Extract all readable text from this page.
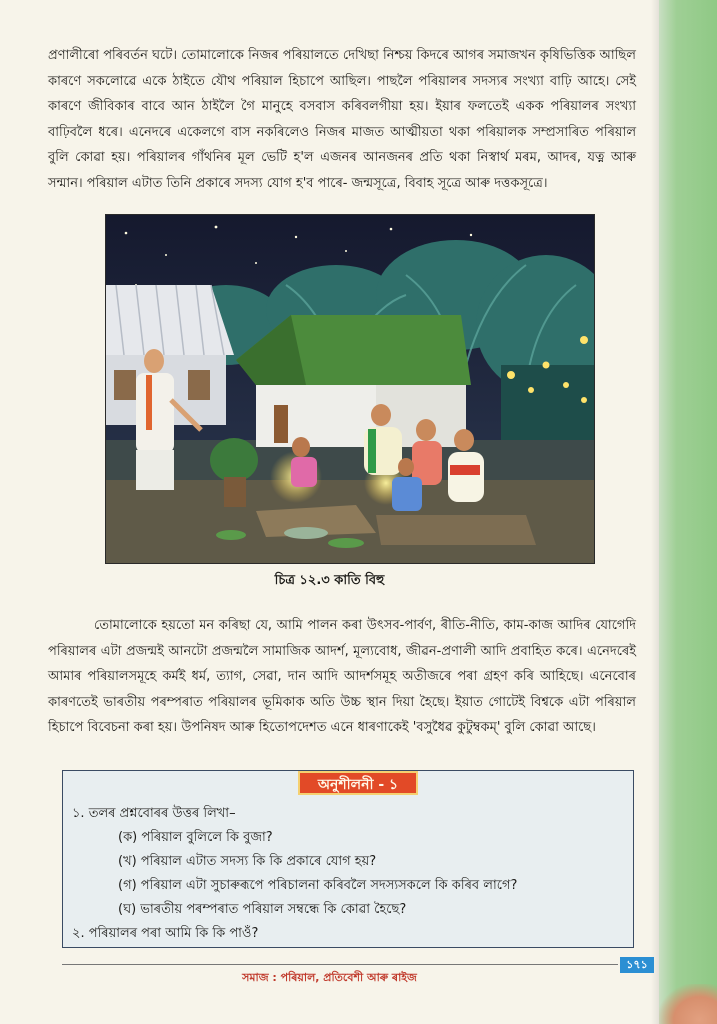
প্ৰণালীৰো পৰিবৰ্তন ঘটে। তোমালোকে নিজৰ পৰিয়ালতে দেখিছা নিশ্চয় কিদৰে আগৰ সমাজখন কৃষিভিত্তিক আছিল কাৰণে সকলোৱে একে ঠাইতে যৌথ পৰিয়াল হিচাপে আছিল। পাছলৈ পৰিয়ালৰ সদস্যৰ সংখ্যা বাঢ়ি আহে। সেই কাৰণে জীবিকাৰ বাবে আন ঠাইলৈ গৈ মানুহে বসবাস কৰিবলগীয়া হয়। ইয়াৰ ফলতেই একক পৰিয়ালৰ সংখ্যা বাঢ়িবলৈ ধৰে। এনেদৰে একেলগে বাস নকৰিলেও নিজৰ মাজত আত্মীয়তা থকা পৰিয়ালক সম্প্ৰসাৰিত পৰিয়াল বুলি কোৱা হয়। পৰিয়ালৰ গাঁথনিৰ মূল ভেটি হ'ল এজনৰ আনজনৰ প্ৰতি থকা নিস্বাৰ্থ মৰম, আদৰ, যত্ন আৰু সন্মান। পৰিয়াল এটাত তিনি প্ৰকাৰে সদস্য যোগ হ'ব পাৰে- জন্মসূত্ৰে, বিবাহ সূত্ৰে আৰু দত্তকসূত্ৰে।

চিত্ৰ ১২.৩ কাতি বিহু

তোমালোকে হয়তো মন কৰিছা যে, আমি পালন কৰা উৎসব-পাৰ্বণ, ৰীতি-নীতি, কাম-কাজ আদিৰ যোগেদি পৰিয়ালৰ এটা প্ৰজন্মই আনটো প্ৰজন্মলৈ সামাজিক আদৰ্শ, মূল্যবোধ, জীৱন-প্ৰণালী আদি প্ৰবাহিত কৰে। এনেদৰেই আমাৰ পৰিয়ালসমূহে কৰ্মই ধৰ্ম, ত্যাগ, সেৱা, দান আদি আদৰ্শসমূহ অতীজৰে পৰা গ্ৰহণ কৰি আহিছে। এনেবোৰ কাৰণতেই ভাৰতীয় পৰম্পৰাত পৰিয়ালৰ ভূমিকাক অতি উচ্চ স্থান দিয়া হৈছে। ইয়াত গোটেই বিশ্বকে এটা পৰিয়াল হিচাপে বিবেচনা কৰা হয়। উপনিষদ আৰু হিতোপদেশত এনে ধাৰণাকেই 'বসুধৈৱ কুটুম্বকম্' বুলি কোৱা আছে।

অনুশীলনী - ১
১. তলৰ প্ৰশ্নবোৰৰ উত্তৰ লিখা–
(ক) পৰিয়াল বুলিলে কি বুজা?
(খ) পৰিয়াল এটাত সদস্য কি কি প্ৰকাৰে যোগ হয়?
(গ) পৰিয়াল এটা সুচাৰুৰূপে পৰিচালনা কৰিবলৈ সদস্যসকলে কি কৰিব লাগে?
(ঘ) ভাৰতীয় পৰম্পৰাত পৰিয়াল সম্বন্ধে কি কোৱা হৈছে?
২. পৰিয়ালৰ পৰা আমি কি কি পাওঁ?
সমাজ : পৰিয়াল, প্ৰতিবেশী আৰু ৰাইজ
১৭১
